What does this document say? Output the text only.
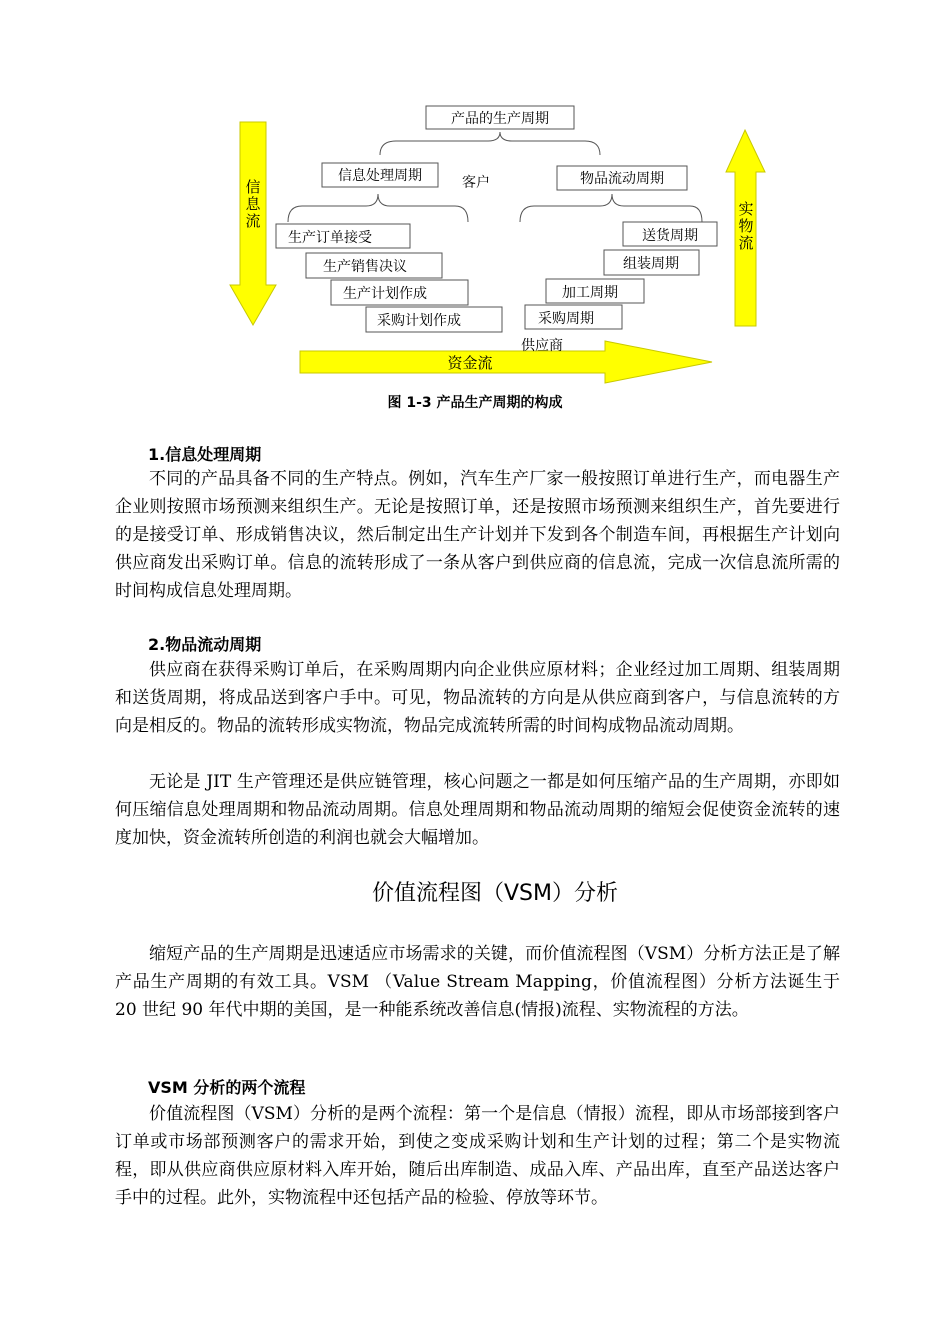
信
息
流
实
物
流
资金流
产品的生产周期
信息处理周期	客户	物品流动周期
生产订单接受
生产销售决议
生产计划作成
采购计划作成
送货周期
组装周期
加工周期
采购周期
供应商
图 1-3 产品生产周期的构成
1.信息处理周期
不同的产品具备不同的生产特点。例如，汽车生产厂家一般按照订单进行生产，而电器生产企业则按照市场预测来组织生产。无论是按照订单，还是按照市场预测来组织生产，首先要进行的是接受订单、形成销售决议，然后制定出生产计划并下发到各个制造车间，再根据生产计划向供应商发出采购订单。信息的流转形成了一条从客户到供应商的信息流，完成一次信息流所需的时间构成信息处理周期。
2.物品流动周期
供应商在获得采购订单后，在采购周期内向企业供应原材料；企业经过加工周期、组装周期和送货周期，将成品送到客户手中。可见，物品流转的方向是从供应商到客户，与信息流转的方向是相反的。物品的流转形成实物流，物品完成流转所需的时间构成物品流动周期。
无论是 JIT 生产管理还是供应链管理，核心问题之一都是如何压缩产品的生产周期，亦即如何压缩信息处理周期和物品流动周期。信息处理周期和物品流动周期的缩短会促使资金流转的速度加快，资金流转所创造的利润也就会大幅增加。
价值流程图（VSM）分析
缩短产品的生产周期是迅速适应市场需求的关键，而价值流程图（VSM）分析方法正是了解产品生产周期的有效工具。VSM （Value Stream Mapping，价值流程图）分析方法诞生于 20 世纪 90 年代中期的美国，是一种能系统改善信息(情报)流程、实物流程的方法。
VSM 分析的两个流程
价值流程图（VSM）分析的是两个流程：第一个是信息（情报）流程，即从市场部接到客户订单或市场部预测客户的需求开始，到使之变成采购计划和生产计划的过程；第二个是实物流程，即从供应商供应原材料入库开始，随后出库制造、成品入库、产品出库，直至产品送达客户手中的过程。此外，实物流程中还包括产品的检验、停放等环节。
